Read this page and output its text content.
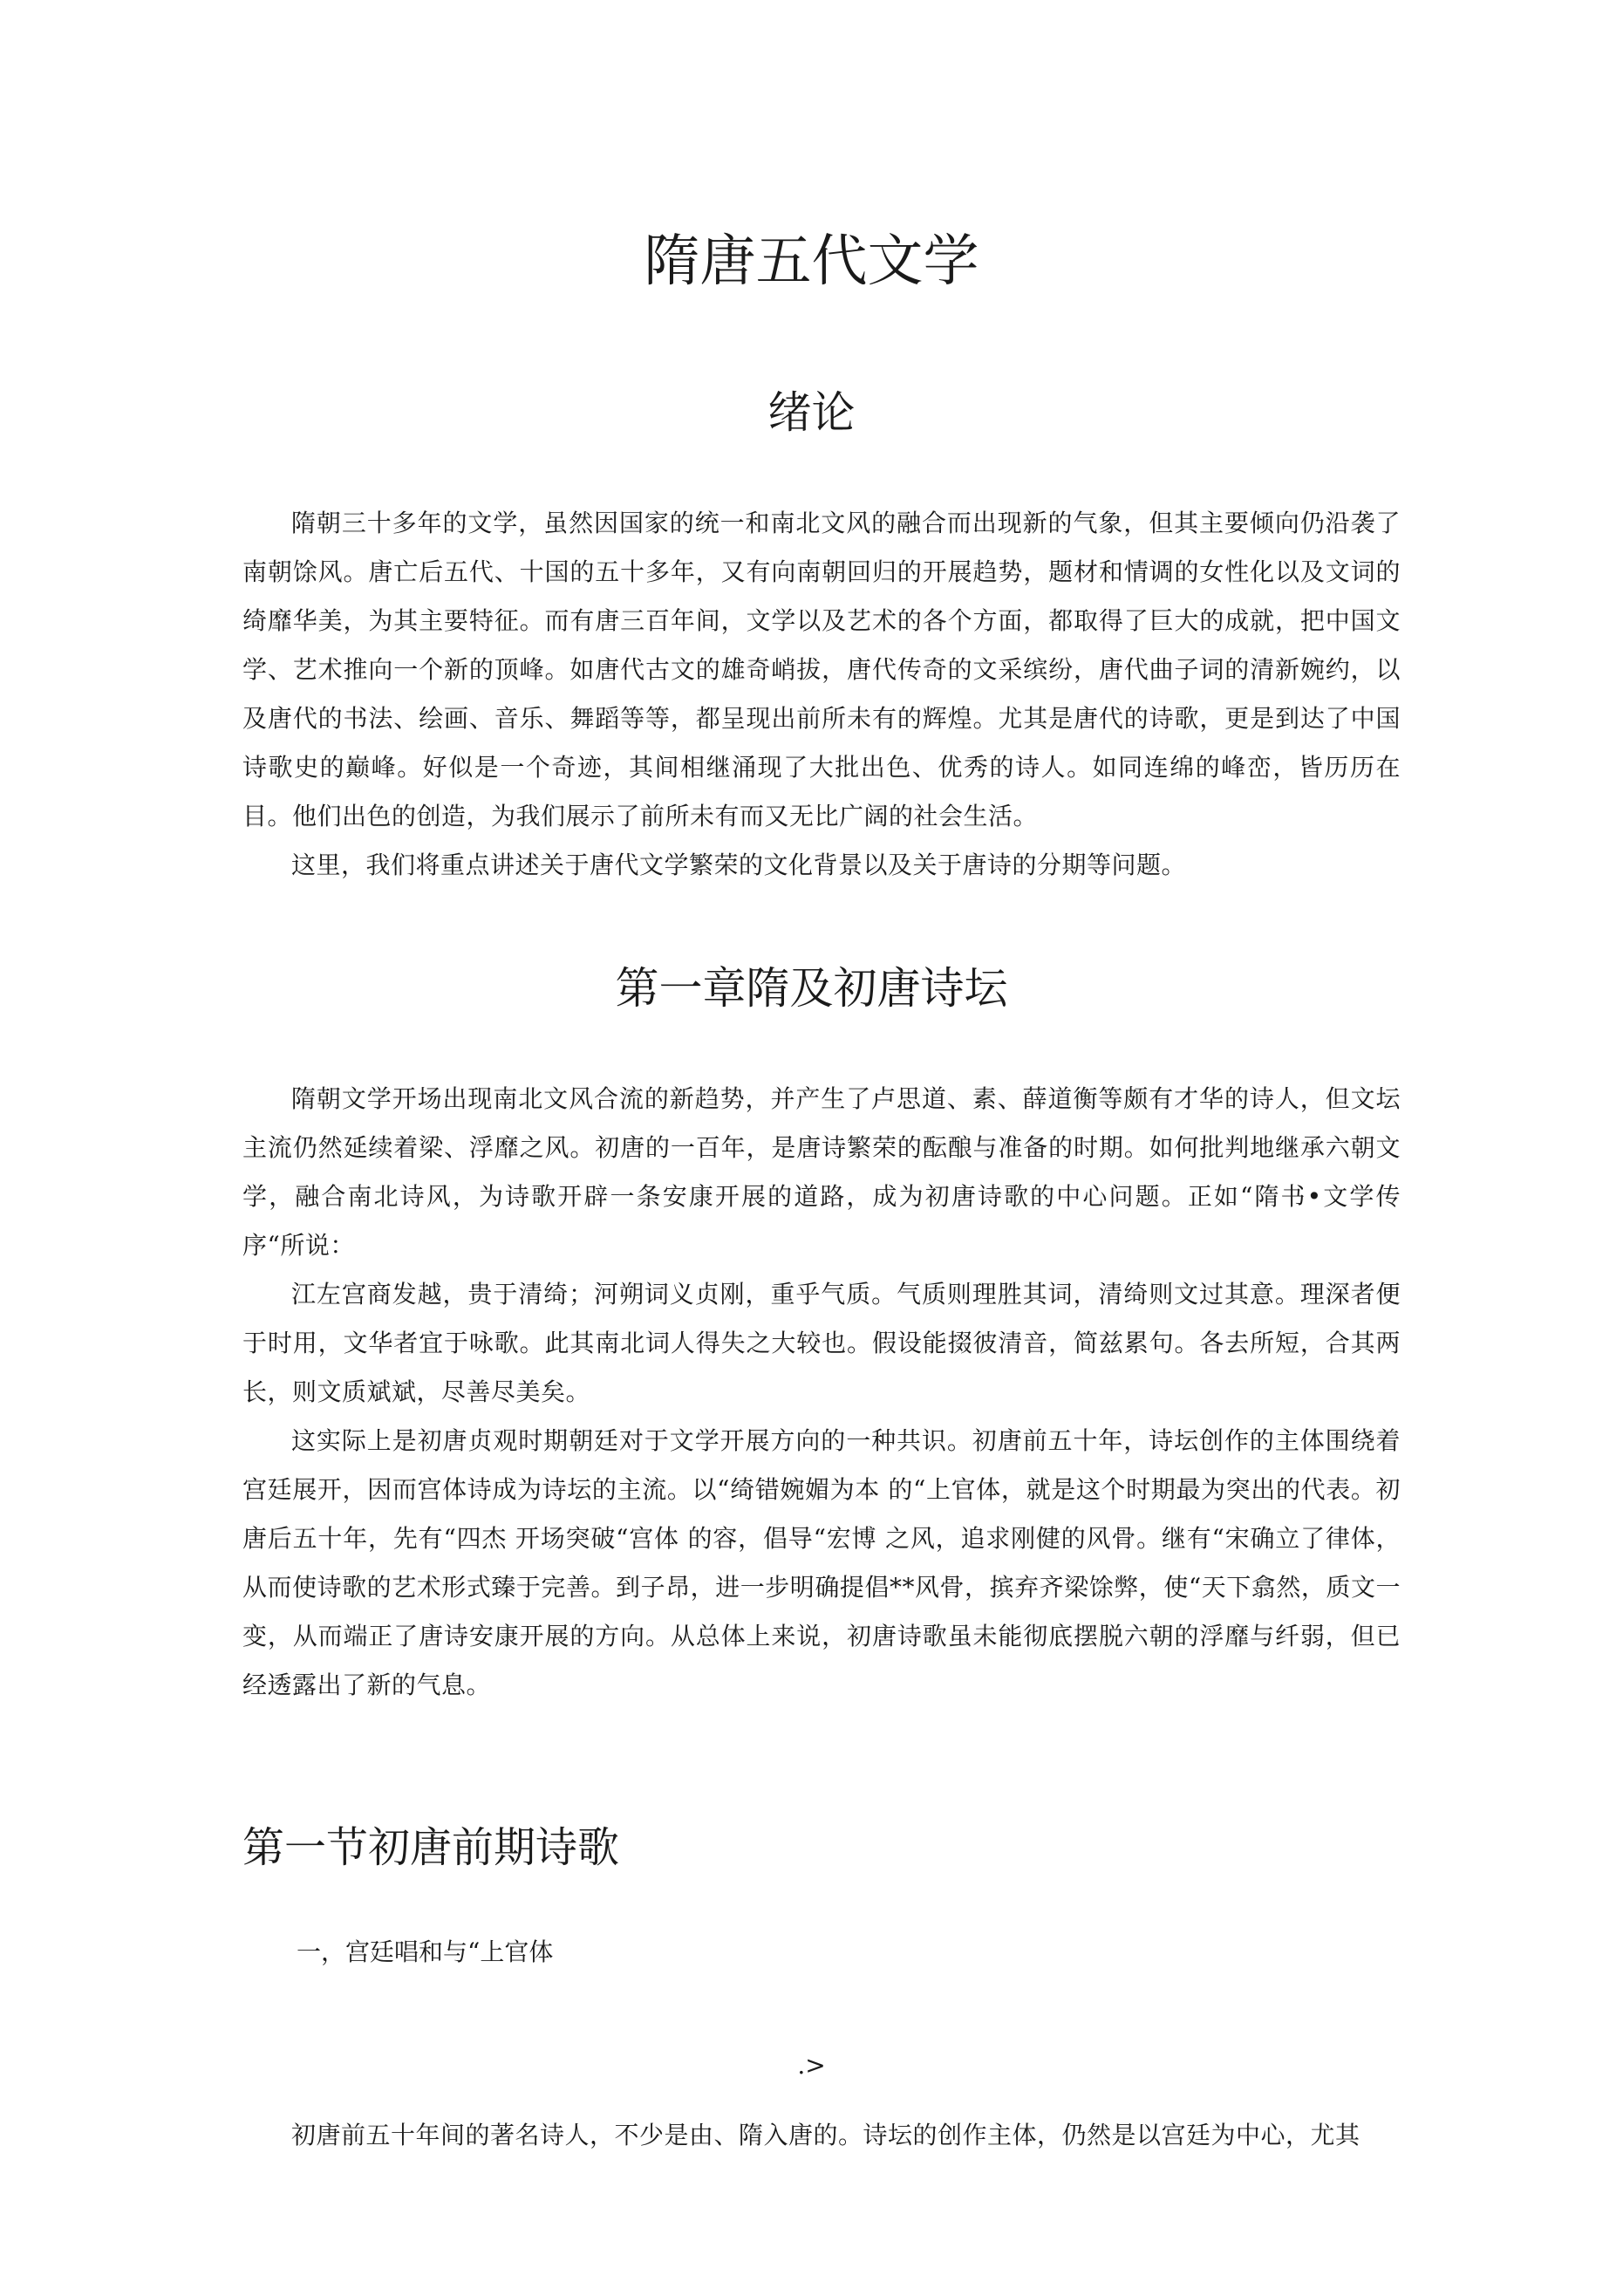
隋唐五代文学
绪论

隋朝三十多年的文学，虽然因国家的统一和南北文风的融合而出现新的气象，但其主要倾向仍沿袭了南朝馀风。唐亡后五代、十国的五十多年，又有向南朝回归的开展趋势，题材和情调的女性化以及文词的绮靡华美，为其主要特征。而有唐三百年间，文学以及艺术的各个方面，都取得了巨大的成就，把中国文学、艺术推向一个新的顶峰。如唐代古文的雄奇峭拔，唐代传奇的文采缤纷，唐代曲子词的清新婉约，以及唐代的书法、绘画、音乐、舞蹈等等，都呈现出前所未有的辉煌。尤其是唐代的诗歌，更是到达了中国诗歌史的巅峰。好似是一个奇迹，其间相继涌现了大批出色、优秀的诗人。如同连绵的峰峦，皆历历在目。他们出色的创造，为我们展示了前所未有而又无比广阔的社会生活。

这里，我们将重点讲述关于唐代文学繁荣的文化背景以及关于唐诗的分期等问题。

第一章隋及初唐诗坛

隋朝文学开场出现南北文风合流的新趋势，并产生了卢思道、素、薛道衡等颇有才华的诗人，但文坛主流仍然延续着梁、浮靡之风。初唐的一百年，是唐诗繁荣的酝酿与准备的时期。如何批判地继承六朝文学，融合南北诗风，为诗歌开辟一条安康开展的道路，成为初唐诗歌的中心问题。正如“隋书•文学传序“所说：

江左宫商发越，贵于清绮；河朔词义贞刚，重乎气质。气质则理胜其词，清绮则文过其意。理深者便于时用，文华者宜于咏歌。此其南北词人得失之大较也。假设能掇彼清音，简兹累句。各去所短，合其两长，则文质斌斌，尽善尽美矣。

这实际上是初唐贞观时期朝廷对于文学开展方向的一种共识。初唐前五十年，诗坛创作的主体围绕着宫廷展开，因而宫体诗成为诗坛的主流。以“绮错婉媚为本 的“上官体，就是这个时期最为突出的代表。初唐后五十年，先有“四杰 开场突破“宫体 的容，倡导“宏博 之风，追求刚健的风骨。继有“宋确立了律体，从而使诗歌的艺术形式臻于完善。到子昂，进一步明确提倡**风骨，摈弃齐梁馀弊，使“天下翕然，质文一变，从而端正了唐诗安康开展的方向。从总体上来说，初唐诗歌虽未能彻底摆脱六朝的浮靡与纤弱，但已经透露出了新的气息。

第一节初唐前期诗歌

一，宫廷唱和与“上官体

.>

初唐前五十年间的著名诗人，不少是由、隋入唐的。诗坛的创作主体，仍然是以宫廷为中心，尤其
